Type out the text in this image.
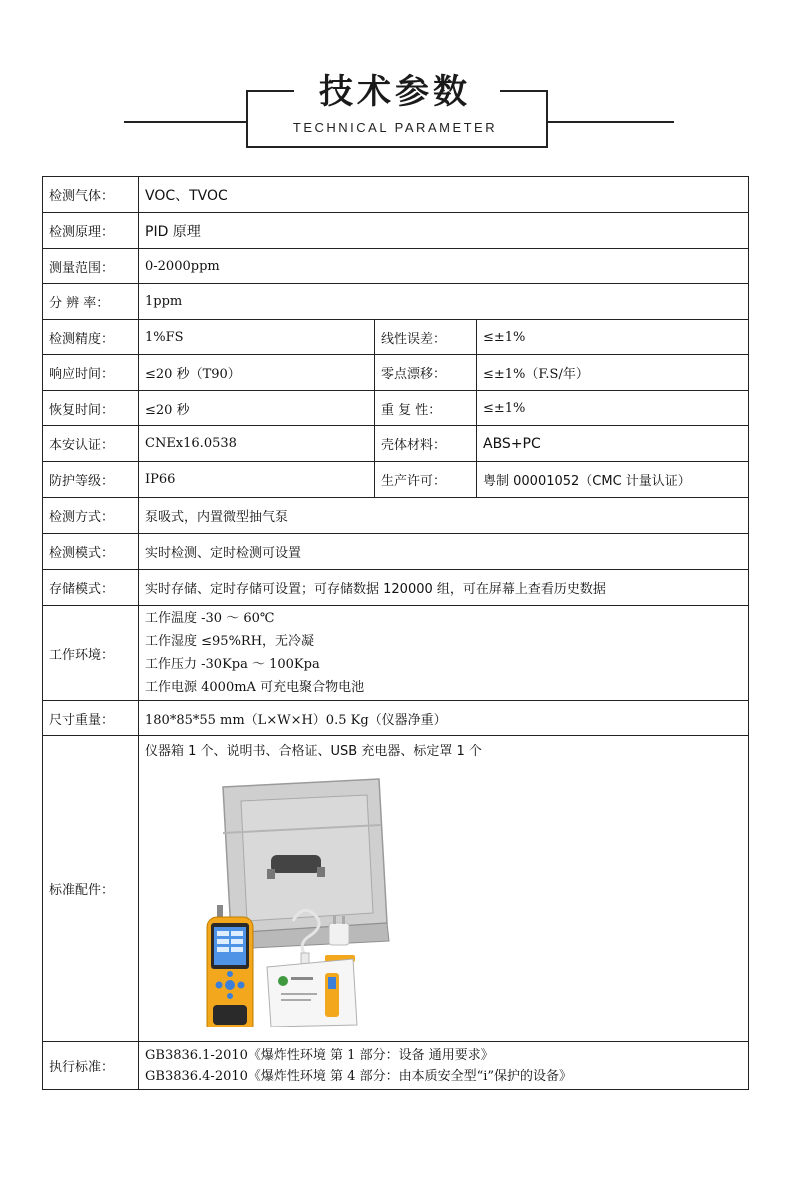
技术参数
TECHNICAL PARAMETER
检测气体：	VOC、TVOC		
检测原理：	PID 原理		
测量范围：	0-2000ppm		
分 辨 率：	1ppm		
检测精度：	1%FS	线性误差：	≤±1%
响应时间：	≤20 秒（T90）	零点漂移：	≤±1%（F.S/年）
恢复时间：	≤20 秒	重 复 性：	≤±1%
本安认证：	CNEx16.0538	壳体材料：	ABS+PC
防护等级：	IP66	生产许可：	粤制 00001052（CMC 计量认证）
检测方式：	泵吸式，内置微型抽气泵		
检测模式：	实时检测、定时检测可设置		
存储模式：	实时存储、定时存储可设置；可存储数据 120000 组，可在屏幕上查看历史数据		
工作环境：	工作温度 -30 ～ 60℃
工作湿度 ≤95%RH，无冷凝
工作压力 -30Kpa ～ 100Kpa
工作电源 4000mA 可充电聚合物电池		

尺寸重量：	180*85*55 mm（L×W×H）0.5 Kg（仪器净重）		
标准配件：	仪器箱 1 个、说明书、合格证、USB 充电器、标定罩 1 个		

执行标准：	GB3836.1-2010《爆炸性环境 第 1 部分：设备 通用要求》
GB3836.4-2010《爆炸性环境 第 4 部分：由本质安全型“i”保护的设备》		
